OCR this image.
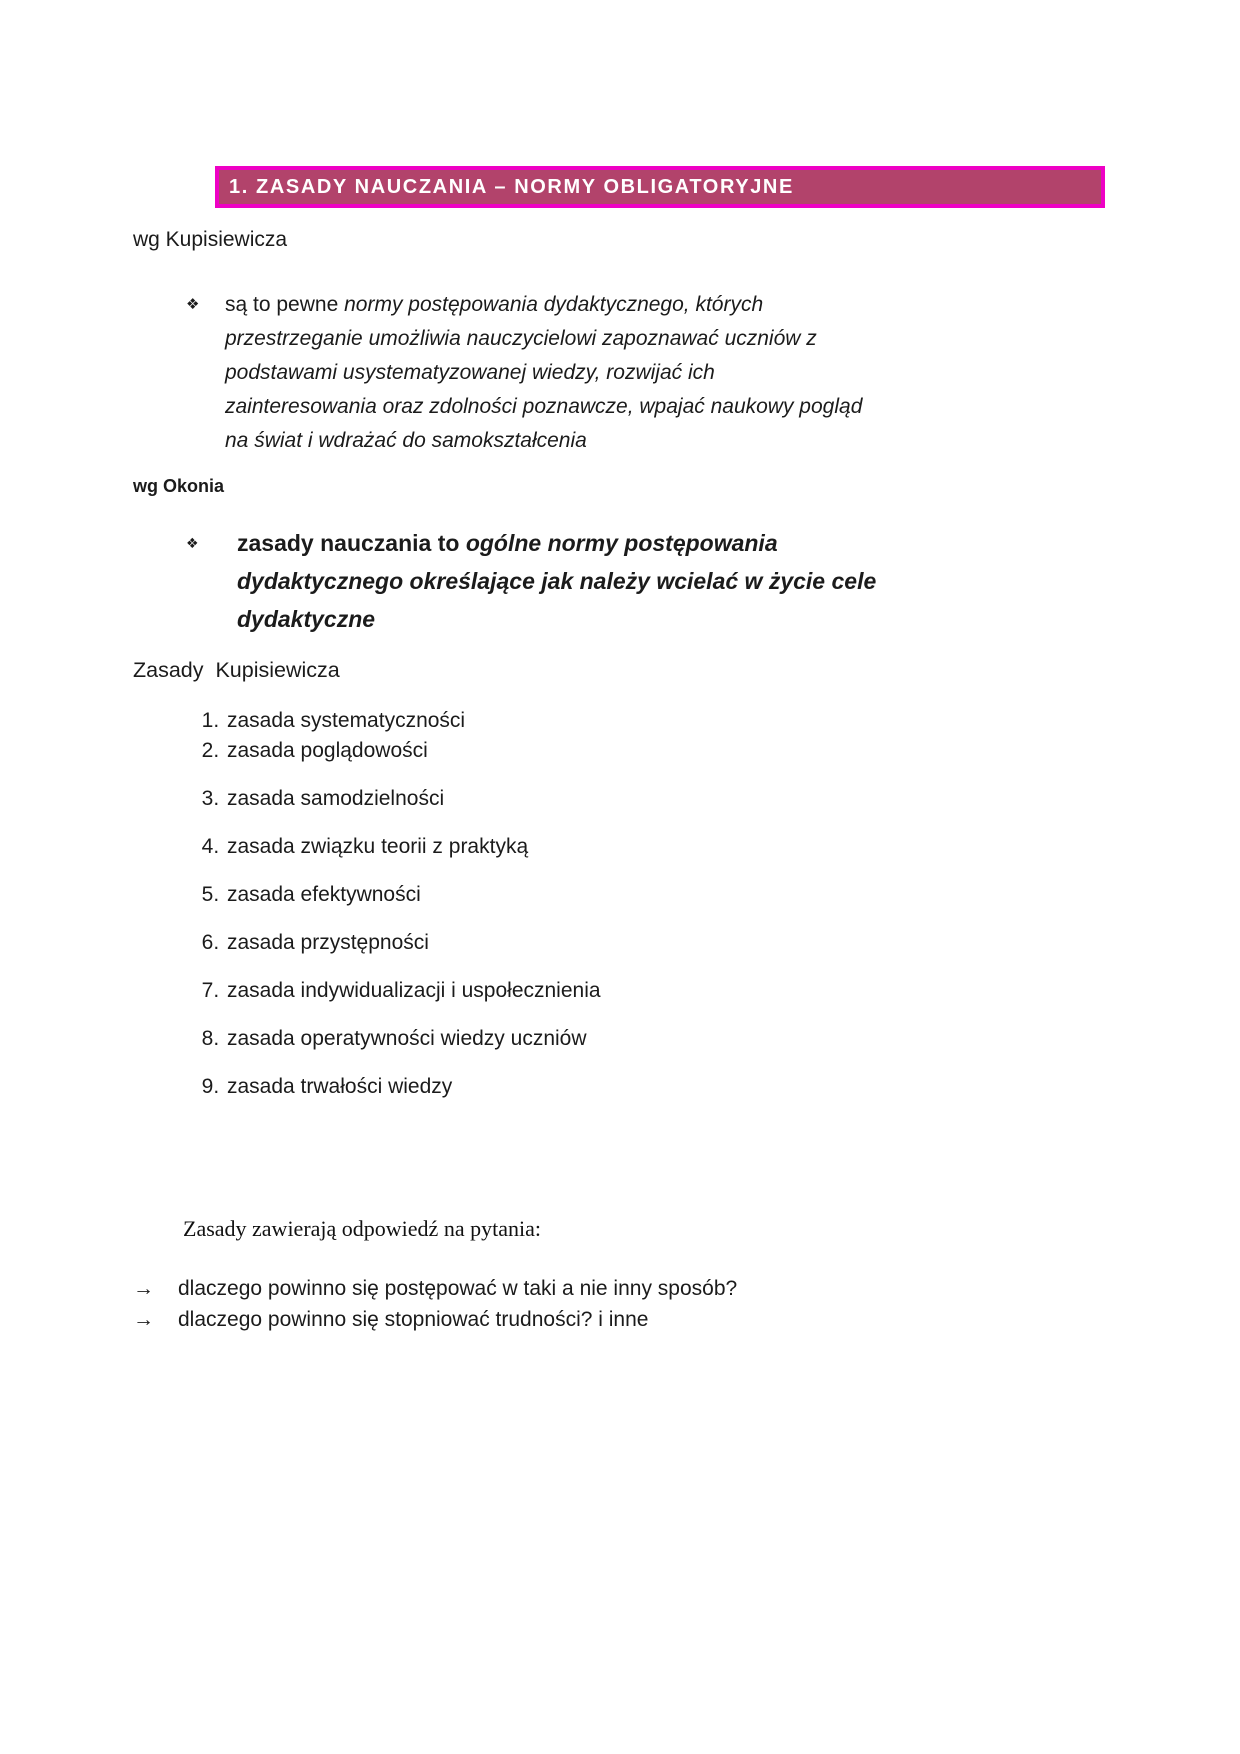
1. ZASADY NAUCZANIA – NORMY OBLIGATORYJNE
wg Kupisiewicza
❖	są to pewne normy postępowania dydaktycznego, których
przestrzeganie umożliwia nauczycielowi zapoznawać uczniów z
podstawami usystematyzowanej wiedzy, rozwijać ich
zainteresowania oraz zdolności poznawcze, wpajać naukowy pogląd
na świat i wdrażać do samokształcenia
wg Okonia
❖	zasady nauczania to ogólne normy postępowania
dydaktycznego określające jak należy wcielać w życie cele
dydaktyczne
Zasady  Kupisiewicza
1. zasada systematyczności
2. zasada poglądowości
3. zasada samodzielności
4. zasada związku teorii z praktyką
5. zasada efektywności
6. zasada przystępności
7. zasada indywidualizacji i uspołecznienia
8. zasada operatywności wiedzy uczniów
9. zasada trwałości wiedzy
Zasady zawierają odpowiedź na pytania:
→	dlaczego powinno się postępować w taki a nie inny sposób?
→	dlaczego powinno się stopniować trudności? i inne
